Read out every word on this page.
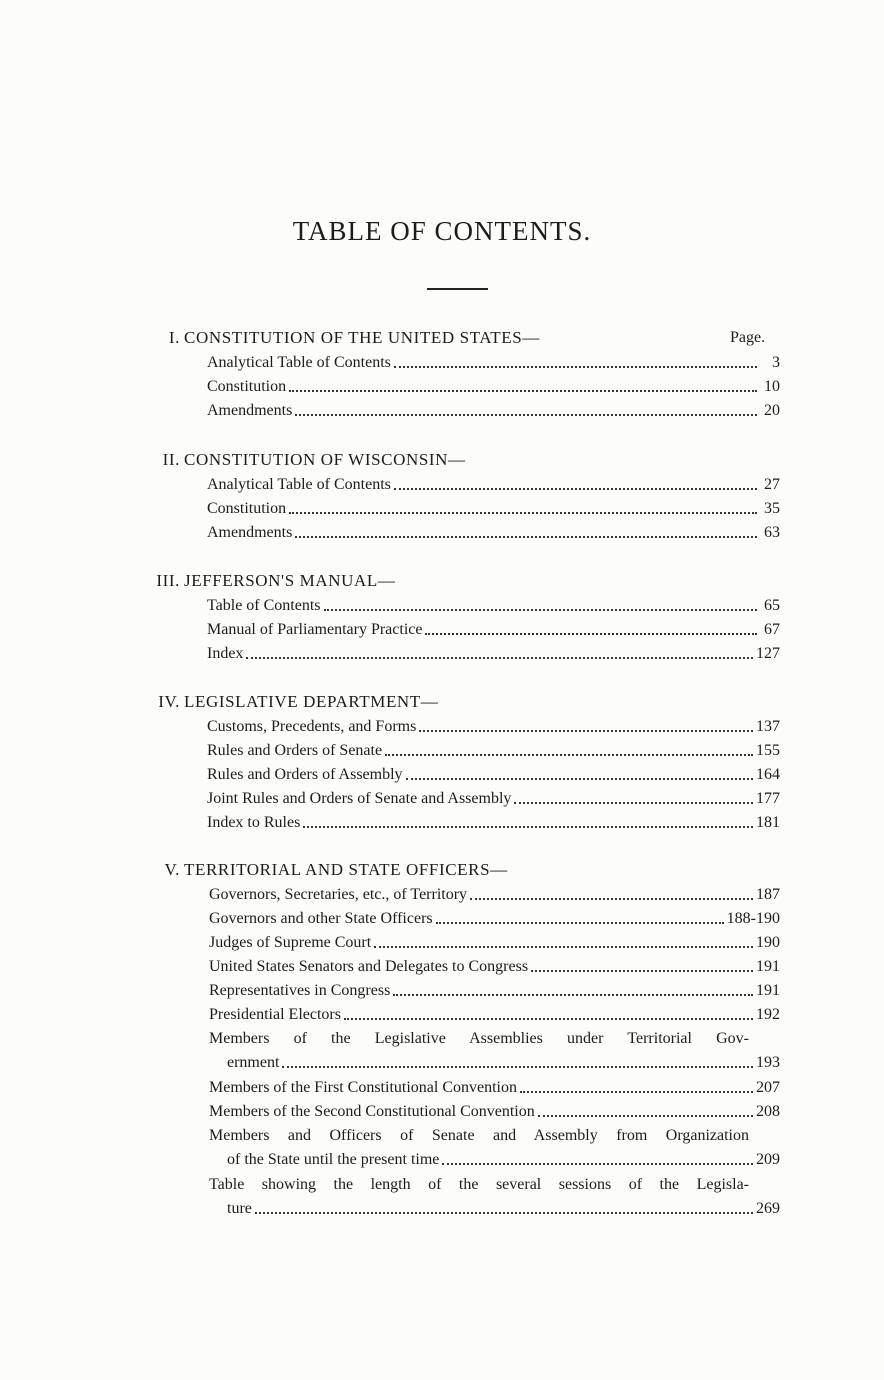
TABLE OF CONTENTS.
Page.
I. CONSTITUTION OF THE UNITED STATES—
Analytical Table of Contents	3
Constitution	10
Amendments	20
II. CONSTITUTION OF WISCONSIN—
Analytical Table of Contents	27
Constitution	35
Amendments	63
III. JEFFERSON'S MANUAL—
Table of Contents	65
Manual of Parliamentary Practice	67
Index	127
IV. LEGISLATIVE DEPARTMENT—
Customs, Precedents, and Forms	137
Rules and Orders of Senate	155
Rules and Orders of Assembly	164
Joint Rules and Orders of Senate and Assembly	177
Index to Rules	181
V. TERRITORIAL AND STATE OFFICERS—
Governors, Secretaries, etc., of Territory	187
Governors and other State Officers	188-190
Judges of Supreme Court	190
United States Senators and Delegates to Congress	191
Representatives in Congress	191
Presidential Electors	192
Members of the Legislative Assemblies under Territorial Gov-
ernment	193
Members of the First Constitutional Convention	207
Members of the Second Constitutional Convention	208
Members and Officers of Senate and Assembly from Organization
of the State until the present time	209
Table showing the length of the several sessions of the Legisla-
ture	269
